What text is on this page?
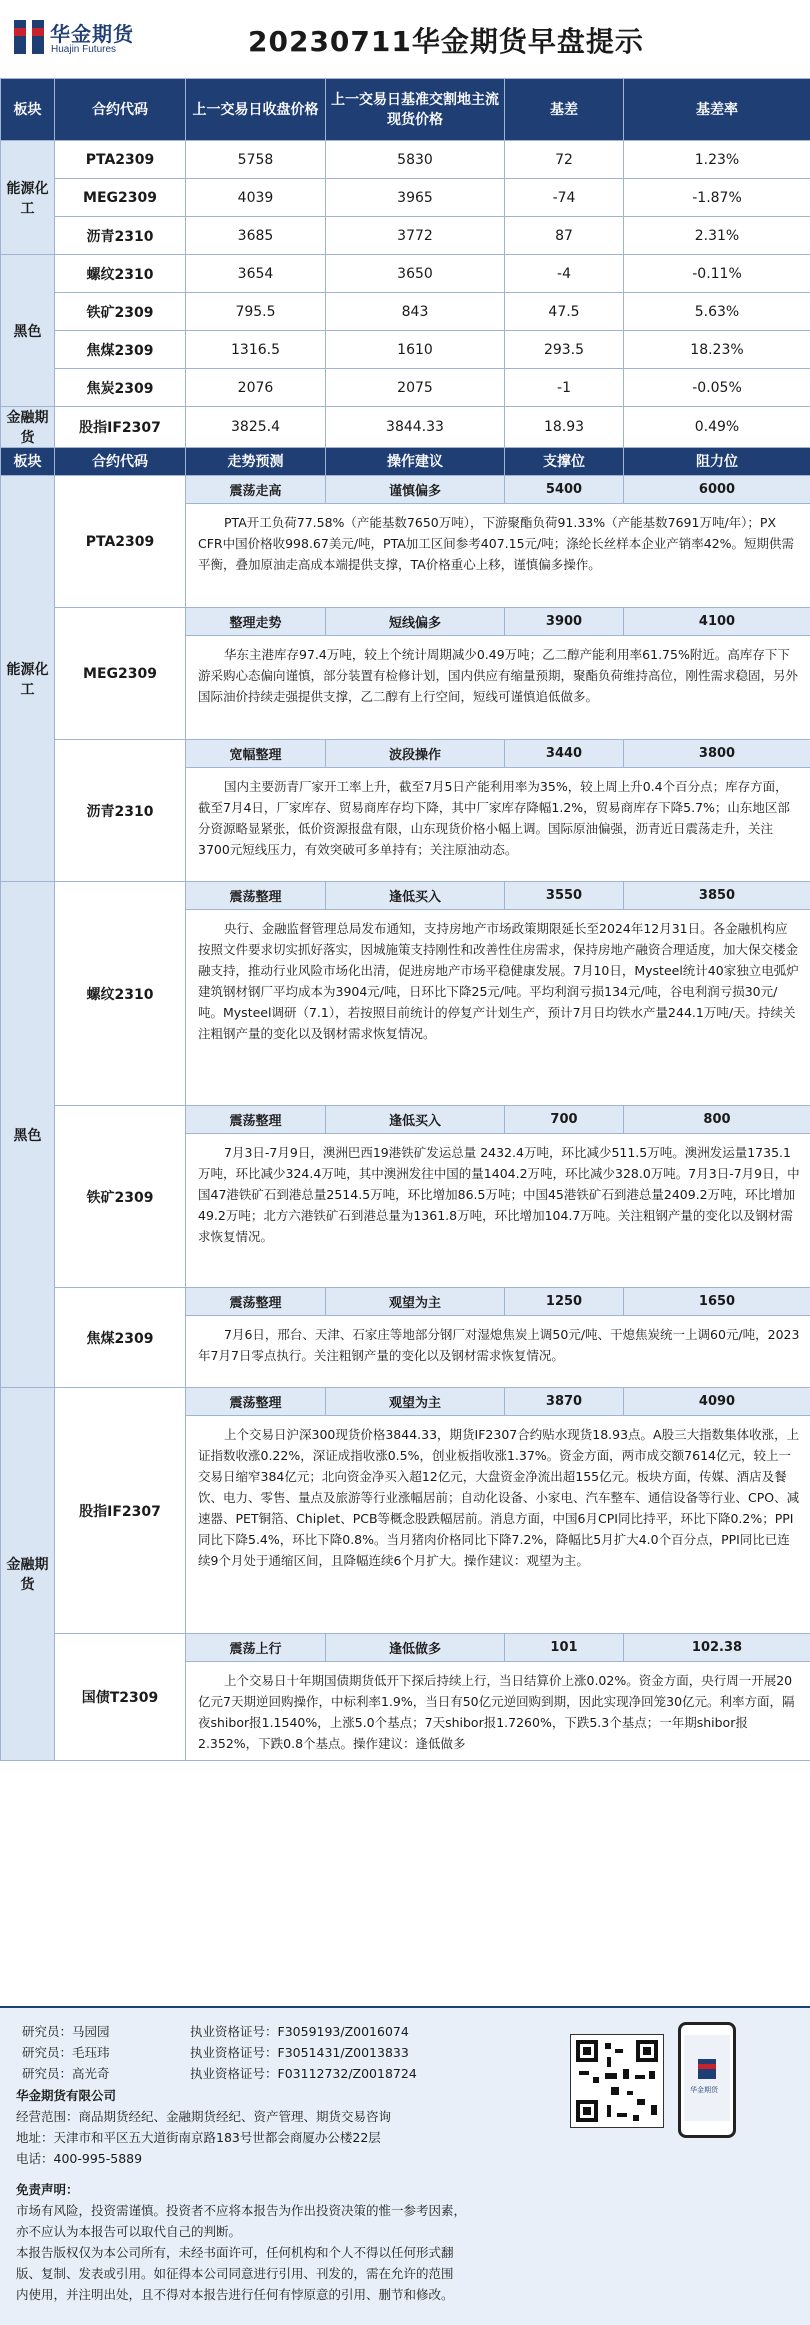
华金期货
Huajin Futures	20230711华金期货早盘提示
板块	合约代码	上一交易日收盘价格	上一交易日基准交割地主流现货价格	基差	基差率
能源化工	PTA2309	5758	5830	72	1.23%
	MEG2309	4039	3965	-74	-1.87%
	沥青2310	3685	3772	87	2.31%
黑色	螺纹2310	3654	3650	-4	-0.11%
	铁矿2309	795.5	843	47.5	5.63%
	焦煤2309	1316.5	1610	293.5	18.23%
	焦炭2309	2076	2075	-1	-0.05%
金融期货	股指IF2307	3825.4	3844.33	18.93	0.49%
板块	合约代码	走势预测	操作建议	支撑位	阻力位
能源化工	PTA2309	震荡走高	谨慎偏多	5400	6000
		PTA开工负荷77.58%（产能基数7650万吨），下游聚酯负荷91.33%（产能基数7691万吨/年）；PX CFR中国价格收998.67美元/吨，PTA加工区间参考407.15元/吨；涤纶长丝样本企业产销率42%。短期供需平衡，叠加原油走高成本端提供支撑，TA价格重心上移，谨慎偏多操作。			
	MEG2309	整理走势	短线偏多	3900	4100
		华东主港库存97.4万吨，较上个统计周期减少0.49万吨；乙二醇产能利用率61.75%附近。高库存下下游采购心态偏向谨慎，部分装置有检修计划，国内供应有缩量预期，聚酯负荷维持高位，刚性需求稳固，另外国际油价持续走强提供支撑，乙二醇有上行空间，短线可谨慎追低做多。			
	沥青2310	宽幅整理	波段操作	3440	3800
		国内主要沥青厂家开工率上升，截至7月5日产能利用率为35%，较上周上升0.4个百分点；库存方面，截至7月4日，厂家库存、贸易商库存均下降，其中厂家库存降幅1.2%，贸易商库存下降5.7%；山东地区部分资源略显紧张，低价资源报盘有限，山东现货价格小幅上调。国际原油偏强，沥青近日震荡走升，关注3700元短线压力，有效突破可多单持有；关注原油动态。			
黑色	螺纹2310	震荡整理	逢低买入	3550	3850
		央行、金融监督管理总局发布通知，支持房地产市场政策期限延长至2024年12月31日。各金融机构应按照文件要求切实抓好落实，因城施策支持刚性和改善性住房需求，保持房地产融资合理适度，加大保交楼金融支持，推动行业风险市场化出清，促进房地产市场平稳健康发展。7月10日，Mysteel统计40家独立电弧炉建筑钢材钢厂平均成本为3904元/吨，日环比下降25元/吨。平均利润亏损134元/吨，谷电利润亏损30元/吨。Mysteel调研（7.1），若按照目前统计的停复产计划生产，预计7月日均铁水产量244.1万吨/天。持续关注粗钢产量的变化以及钢材需求恢复情况。			
	铁矿2309	震荡整理	逢低买入	700	800
		7月3日-7月9日，澳洲巴西19港铁矿发运总量 2432.4万吨，环比减少511.5万吨。澳洲发运量1735.1万吨，环比减少324.4万吨，其中澳洲发往中国的量1404.2万吨，环比减少328.0万吨。7月3日-7月9日，中国47港铁矿石到港总量2514.5万吨，环比增加86.5万吨；中国45港铁矿石到港总量2409.2万吨，环比增加49.2万吨；北方六港铁矿石到港总量为1361.8万吨，环比增加104.7万吨。关注粗钢产量的变化以及钢材需求恢复情况。			
	焦煤2309	震荡整理	观望为主	1250	1650
		7月6日，邢台、天津、石家庄等地部分钢厂对湿熄焦炭上调50元/吨、干熄焦炭统一上调60元/吨，2023年7月7日零点执行。关注粗钢产量的变化以及钢材需求恢复情况。			
金融期货	股指IF2307	震荡整理	观望为主	3870	4090
		上个交易日沪深300现货价格3844.33，期货IF2307合约贴水现货18.93点。A股三大指数集体收涨，上证指数收涨0.22%，深证成指收涨0.5%，创业板指收涨1.37%。资金方面，两市成交额7614亿元，较上一交易日缩窄384亿元；北向资金净买入超12亿元，大盘资金净流出超155亿元。板块方面，传媒、酒店及餐饮、电力、零售、量点及旅游等行业涨幅居前；自动化设备、小家电、汽车整车、通信设备等行业、CPO、减速器、PET铜箔、Chiplet、PCB等概念股跌幅居前。消息方面，中国6月CPI同比持平，环比下降0.2%；PPI同比下降5.4%，环比下降0.8%。当月猪肉价格同比下降7.2%，降幅比5月扩大4.0个百分点，PPI同比已连续9个月处于通缩区间，且降幅连续6个月扩大。操作建议：观望为主。			
	国债T2309	震荡上行	逢低做多	101	102.38
		上个交易日十年期国债期货低开下探后持续上行，当日结算价上涨0.02%。资金方面，央行周一开展20亿元7天期逆回购操作，中标利率1.9%，当日有50亿元逆回购到期，因此实现净回笼30亿元。利率方面，隔夜shibor报1.1540%，上涨5.0个基点；7天shibor报1.7260%，下跌5.3个基点；一年期shibor报2.352%，下跌0.8个基点。操作建议：逢低做多			
研究员：马园园	执业资格证号：F3059193/Z0016074
研究员：毛珏玮	执业资格证号：F3051431/Z0013833
研究员：高光奇	执业资格证号：F03112732/Z0018724
华金期货有限公司
经营范围：商品期货经纪、金融期货经纪、资产管理、期货交易咨询
地址：天津市和平区五大道街南京路183号世都会商厦办公楼22层
电话：400-995-5889
华金期货
免责声明：
市场有风险，投资需谨慎。投资者不应将本报告为作出投资决策的惟一参考因素，
亦不应认为本报告可以取代自己的判断。
本报告版权仅为本公司所有，未经书面许可，任何机构和个人不得以任何形式翻
版、复制、发表或引用。如征得本公司同意进行引用、刊发的，需在允许的范围
内使用，并注明出处，且不得对本报告进行任何有悖原意的引用、删节和修改。
